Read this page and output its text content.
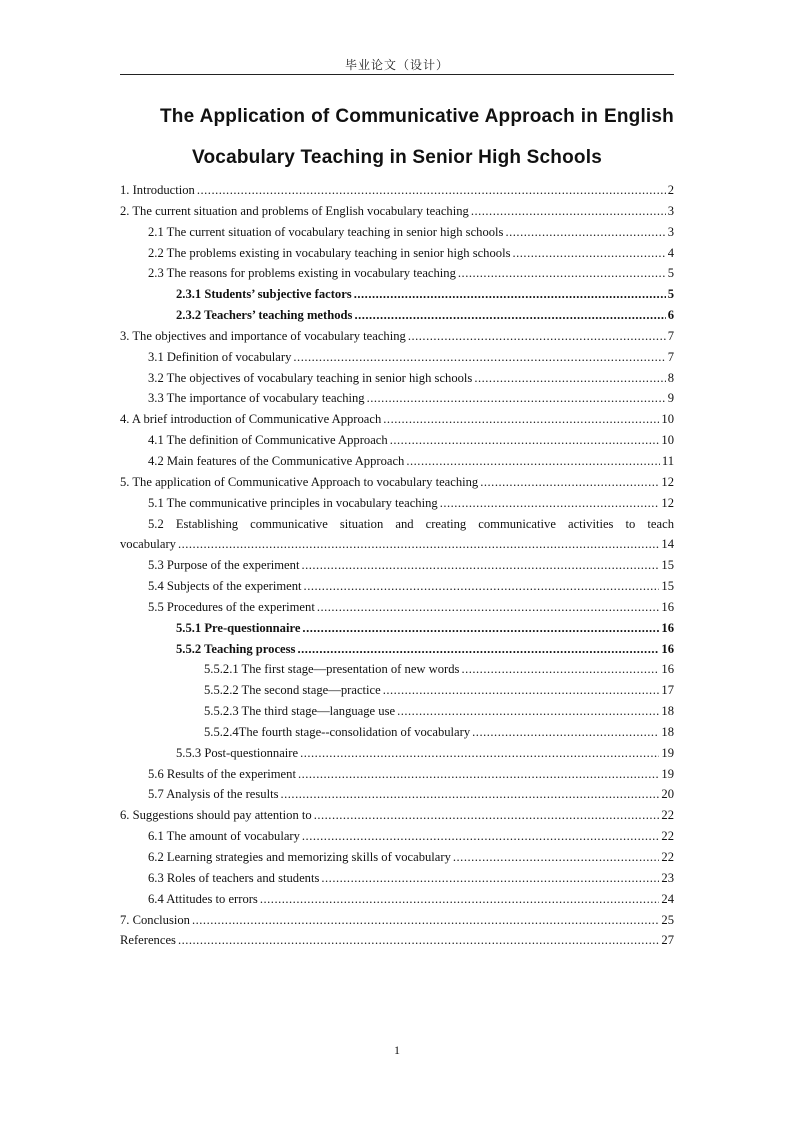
毕业论文（设计）
The Application of Communicative Approach in English
Vocabulary Teaching in Senior High Schools
1. Introduction .....	2
2. The current situation and problems of English vocabulary teaching .....	3
2.1 The current situation of vocabulary teaching in senior high schools .....	3
2.2 The problems existing in vocabulary teaching in senior high schools .....	4
2.3 The reasons for problems existing in vocabulary teaching .....	5
2.3.1 Students’ subjective factors .....	5
2.3.2 Teachers’ teaching methods .....	6
3. The objectives and importance of vocabulary teaching .....	7
3.1 Definition of vocabulary .....	7
3.2 The objectives of vocabulary teaching in senior high schools .....	8
3.3 The importance of vocabulary teaching .....	9
4. A brief introduction of Communicative Approach .....	10
4.1 The definition of Communicative Approach .....	10
4.2 Main features of the Communicative Approach .....	11
5. The application of Communicative Approach to vocabulary teaching .....	12
5.1 The communicative principles in vocabulary teaching .....	12
5.2 Establishing communicative situation and creating communicative activities to teach
vocabulary .....	14
5.3 Purpose of the experiment .....	15
5.4 Subjects of the experiment .....	15
5.5 Procedures of the experiment .....	16
5.5.1 Pre-questionnaire .....	16
5.5.2 Teaching process .....	16
5.5.2.1 The first stage—presentation of new words .....	16
5.5.2.2 The second stage—practice .....	17
5.5.2.3 The third stage—language use .....	18
5.5.2.4The fourth stage--consolidation of vocabulary .....	18
5.5.3 Post-questionnaire .....	19
5.6 Results of the experiment .....	19
5.7 Analysis of the results .....	20
6. Suggestions should pay attention to .....	22
6.1 The amount of vocabulary .....	22
6.2 Learning strategies and memorizing skills of vocabulary .....	22
6.3 Roles of teachers and students .....	23
6.4 Attitudes to errors .....	24
7. Conclusion .....	25
References .....	27
1
